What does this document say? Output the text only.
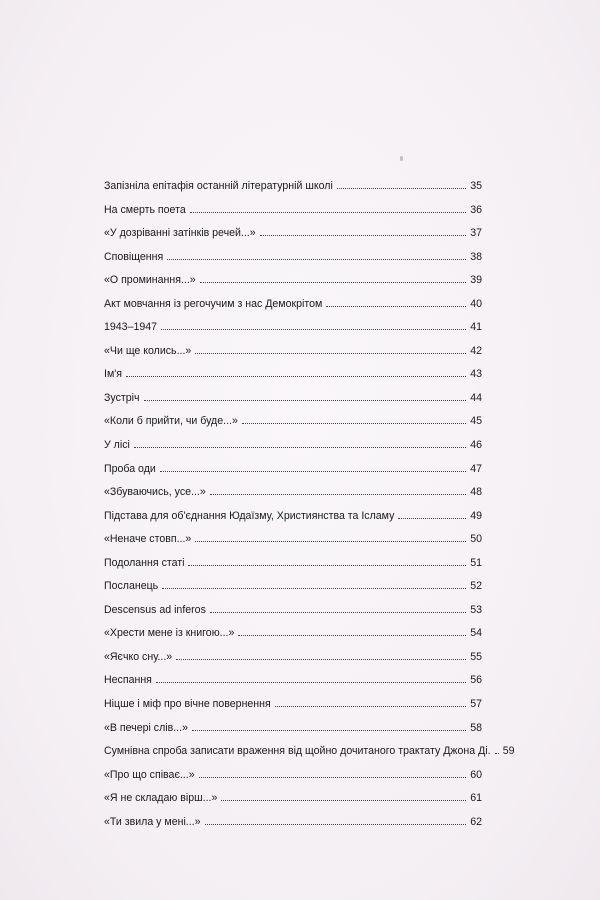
Запізніла епітафія останній літературній школі	35
На смерть поета	36
«У дозріванні затінків речей...»	37
Сповіщення	38
«О проминання...»	39
Акт мовчання із регочучим з нас Демокрітом	40
1943–1947	41
«Чи ще колись...»	42
Ім'я	43
Зустріч	44
«Коли б прийти, чи буде...»	45
У лісі	46
Проба оди	47
«Збуваючись, усе...»	48
Підстава для об'єднання Юдаїзму, Християнства та Ісламу	49
«Неначе стовп...»	50
Подолання статі	51
Посланець	52
Descensus ad inferos	53
«Хрести мене із книгою...»	54
«Яєчко сну...»	55
Неспання	56
Ніцше і міф про вічне повернення	57
«В печері слів...»	58
Сумнівна спроба записати враження від щойно дочитаного трактату Джона Ді. 59
«Про що співає...»	60
«Я не складаю вірш...»	61
«Ти звила у мені...»	62
